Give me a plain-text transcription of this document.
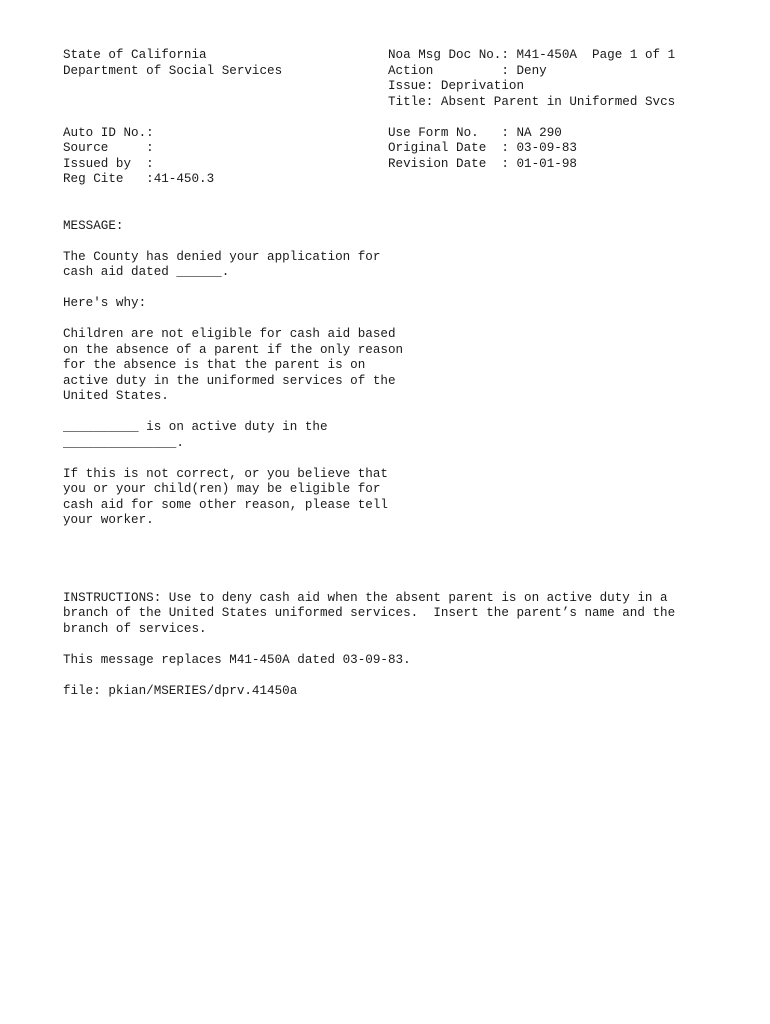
State of California

Department of Social Services

Noa Msg Doc No.: M41-450A  Page 1 of 1

Action         : Deny

Issue: Deprivation

Title: Absent Parent in Uniformed Svcs

Auto ID No.:

Source     :

Issued by  :

Reg Cite   :41-450.3

Use Form No.   : NA 290

Original Date  : 03-09-83

Revision Date  : 01-01-98

MESSAGE:

The County has denied your application for

cash aid dated ______.

Here's why:

Children are not eligible for cash aid based

on the absence of a parent if the only reason

for the absence is that the parent is on

active duty in the uniformed services of the

United States.

__________ is on active duty in the

_______________.

If this is not correct, or you believe that

you or your child(ren) may be eligible for

cash aid for some other reason, please tell

your worker.

INSTRUCTIONS: Use to deny cash aid when the absent parent is on active duty in a

branch of the United States uniformed services.  Insert the parent’s name and the

branch of services.

This message replaces M41-450A dated 03-09-83.

file: pkian/MSERIES/dprv.41450a
